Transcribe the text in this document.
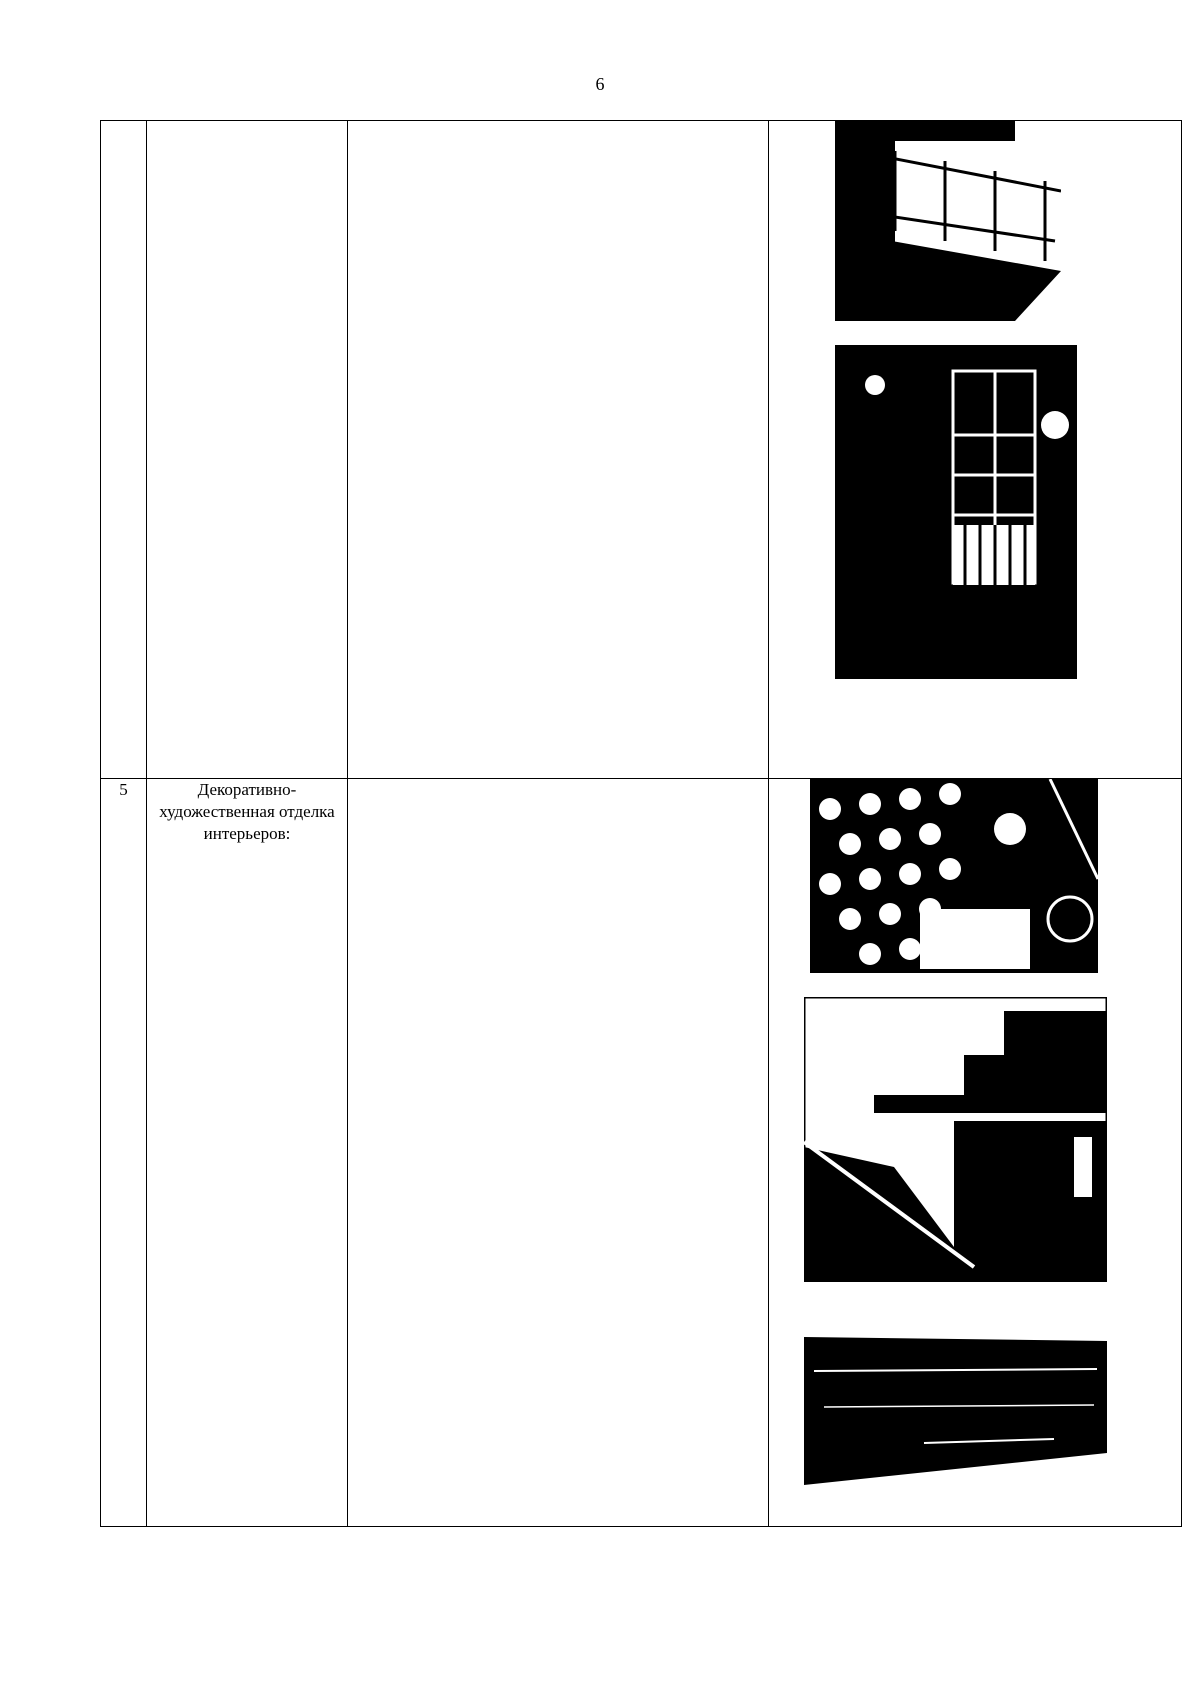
6

5	Декоративно-художественная отделка интерьеров:	
